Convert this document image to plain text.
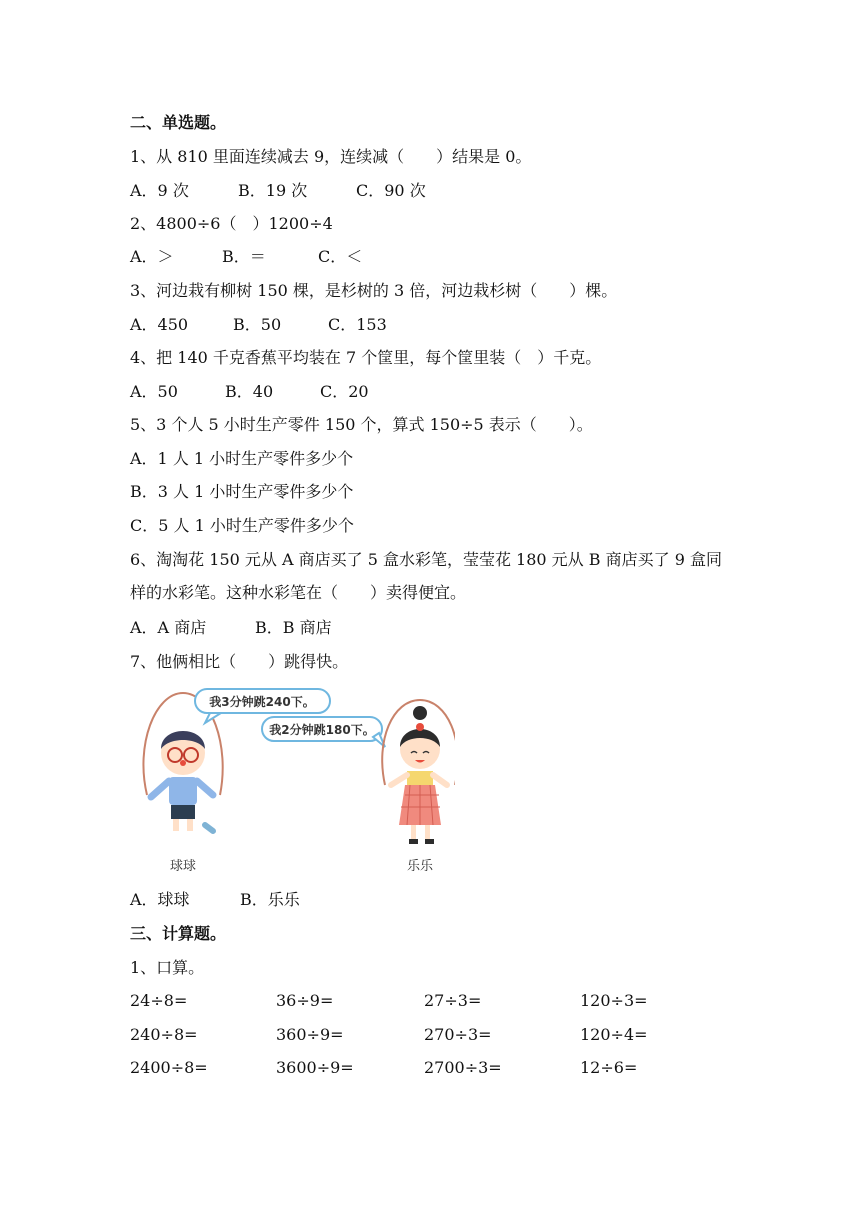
二、单选题。
1、从 810 里面连续减去 9，连续减（　　）结果是 0。
A．9 次	B．19 次	C．90 次
2、4800÷6（　）1200÷4
A．＞	B．＝	C．＜
3、河边栽有柳树 150 棵，是杉树的 3 倍，河边栽杉树（　　）棵。
A．450	B．50	C．153
4、把 140 千克香蕉平均装在 7 个筐里，每个筐里装（　）千克。
A．50	B．40	C．20
5、3 个人 5 小时生产零件 150 个，算式 150÷5 表示（　　）。
A．1 人 1 小时生产零件多少个
B．3 人 1 小时生产零件多少个
C．5 人 1 小时生产零件多少个
6、淘淘花 150 元从 A 商店买了 5 盒水彩笔，莹莹花 180 元从 B 商店买了 9 盒同样的水彩笔。这种水彩笔在（　　）卖得便宜。
A．A 商店	B．B 商店
7、他俩相比（　　）跳得快。
球球
我3分钟跳240下。
我2分钟跳180下。
乐乐
A．球球	B．乐乐
三、计算题。
1、口算。
24÷8=	36÷9=	27÷3=	120÷3=
240÷8=	360÷9=	270÷3=	120÷4=
2400÷8=	3600÷9=	2700÷3=	12÷6=
